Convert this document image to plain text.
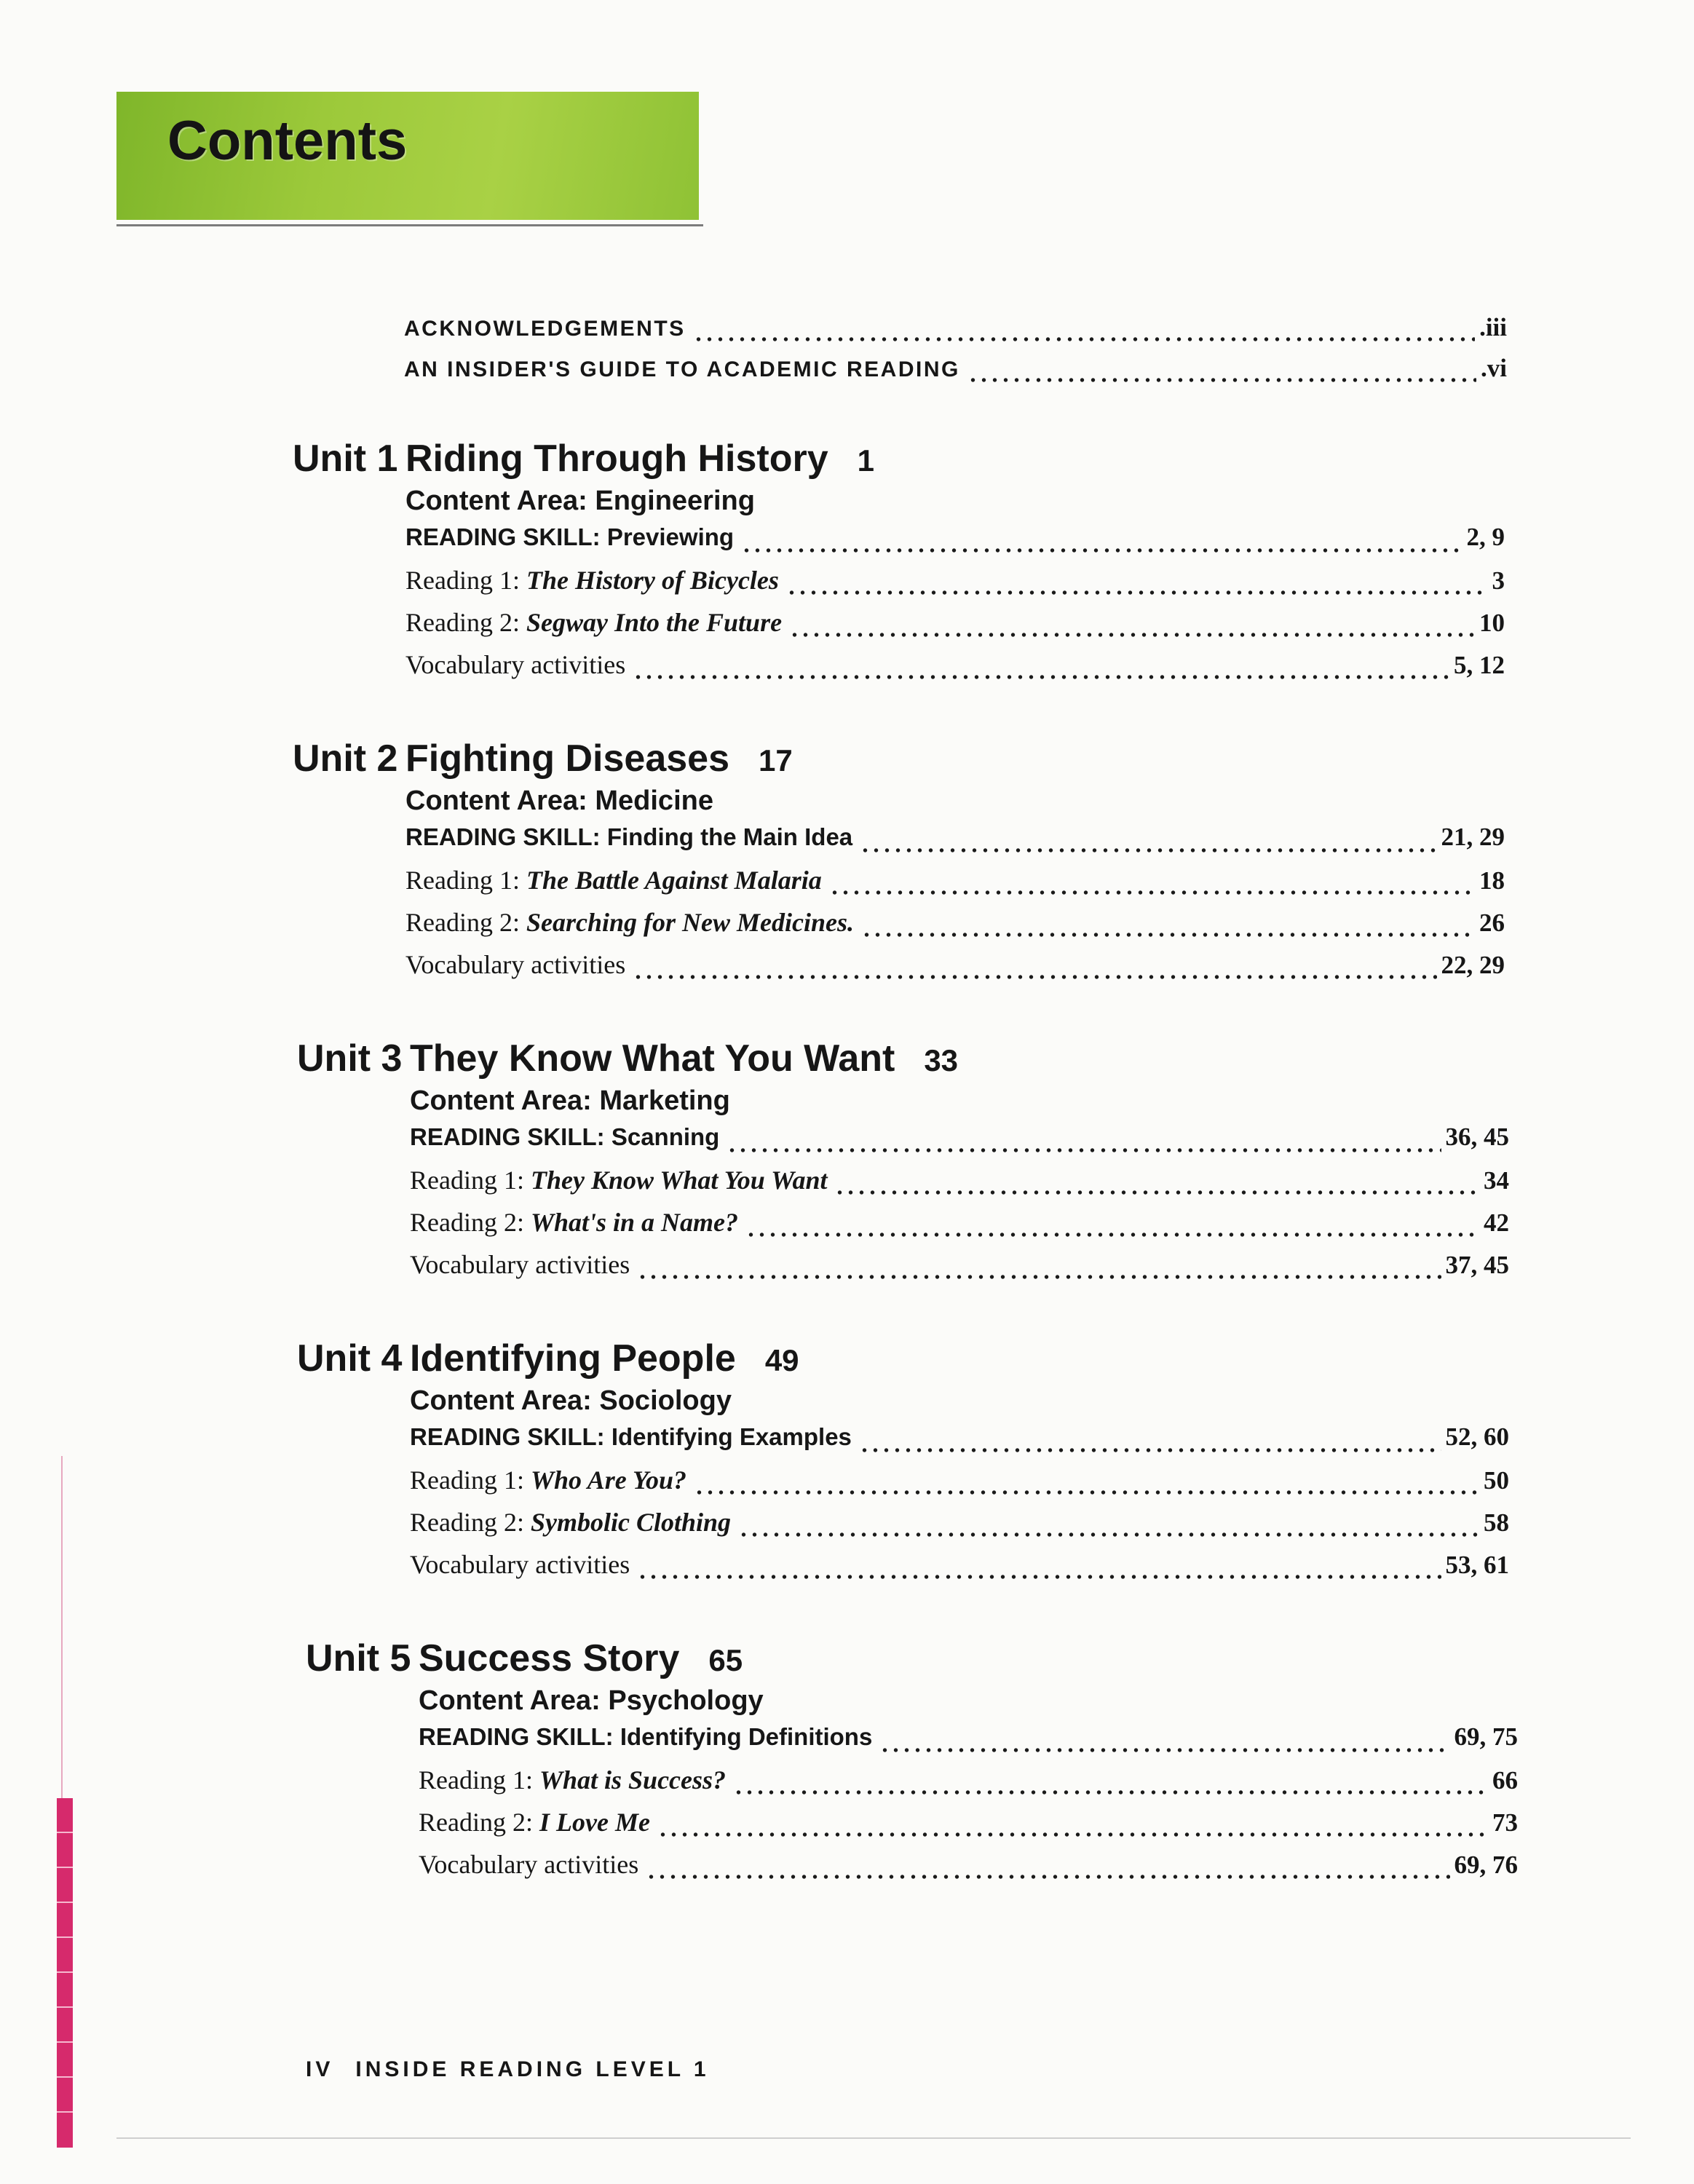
Contents
ACKNOWLEDGEMENTS	.iii
AN INSIDER'S GUIDE TO ACADEMIC READING	.vi
Unit 1 Riding Through History 1
Content Area: Engineering
READING SKILL: Previewing	2, 9
Reading 1: The History of Bicycles	3
Reading 2: Segway Into the Future	10
Vocabulary activities	5, 12
Unit 2 Fighting Diseases 17
Content Area: Medicine
READING SKILL: Finding the Main Idea	21, 29
Reading 1: The Battle Against Malaria	18
Reading 2: Searching for New Medicines.	26
Vocabulary activities	22, 29
Unit 3 They Know What You Want 33
Content Area: Marketing
READING SKILL: Scanning	36, 45
Reading 1: They Know What You Want	34
Reading 2: What's in a Name?	42
Vocabulary activities	37, 45
Unit 4 Identifying People 49
Content Area: Sociology
READING SKILL: Identifying Examples	52, 60
Reading 1: Who Are You?	50
Reading 2: Symbolic Clothing	58
Vocabulary activities	53, 61
Unit 5 Success Story 65
Content Area: Psychology
READING SKILL: Identifying Definitions	69, 75
Reading 1: What is Success?	66
Reading 2: I Love Me	73
Vocabulary activities	69, 76
IV INSIDE READING LEVEL 1
